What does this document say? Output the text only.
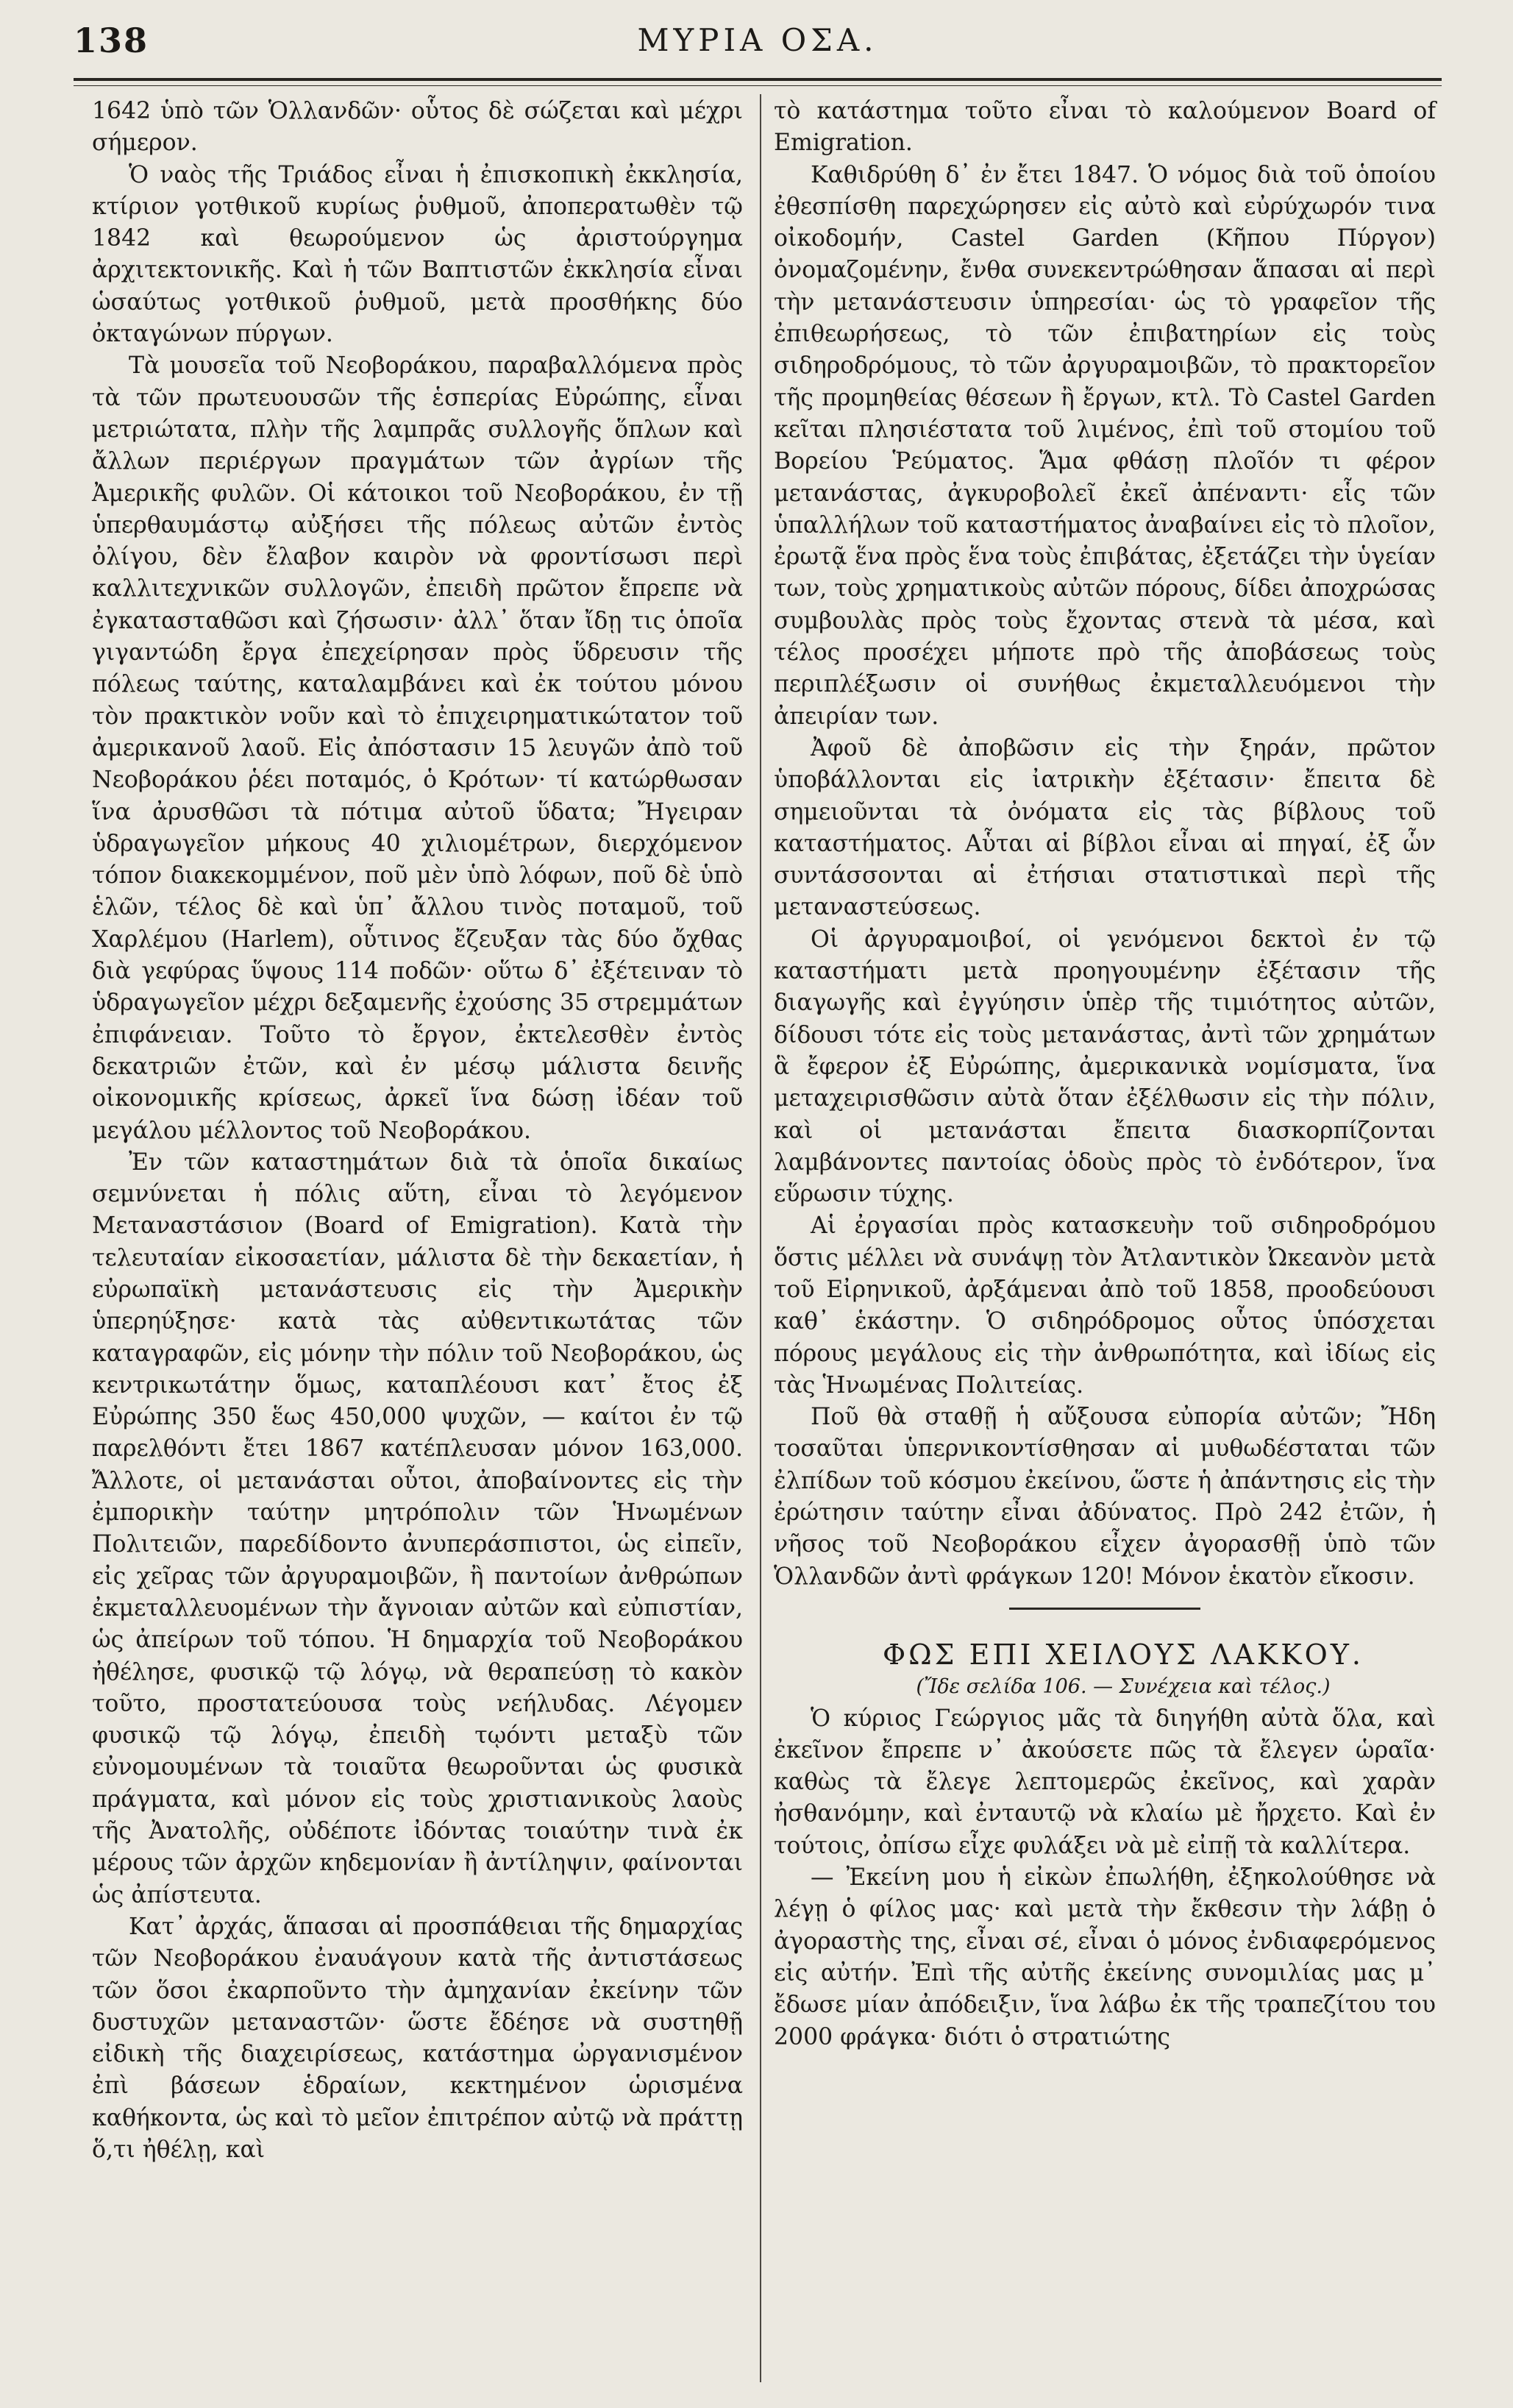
138	ΜΥΡΙΑ ΟΣΑ.

1642 ὑπὸ τῶν Ὁλλανδῶν· οὗτος δὲ σώζεται καὶ μέχρι σήμερον.

Ὁ ναὸς τῆς Τριάδος εἶναι ἡ ἐπισκοπικὴ ἐκκλησία, κτίριον γοτθικοῦ κυρίως ῥυθμοῦ, ἀποπερατωθὲν τῷ 1842 καὶ θεωρούμενον ὡς ἀριστούργημα ἀρχιτεκτονικῆς. Καὶ ἡ τῶν Βαπτιστῶν ἐκκλησία εἶναι ὡσαύτως γοτθικοῦ ῥυθμοῦ, μετὰ προσθήκης δύο ὀκταγώνων πύργων.

Τὰ μουσεῖα τοῦ Νεοβοράκου, παραβαλλόμενα πρὸς τὰ τῶν πρωτευουσῶν τῆς ἑσπερίας Εὐρώπης, εἶναι μετριώτατα, πλὴν τῆς λαμπρᾶς συλλογῆς ὅπλων καὶ ἄλλων περιέργων πραγμάτων τῶν ἀγρίων τῆς Ἀμερικῆς φυλῶν. Οἱ κάτοικοι τοῦ Νεοβοράκου, ἐν τῇ ὑπερθαυμάστῳ αὐξήσει τῆς πόλεως αὐτῶν ἐντὸς ὀλίγου, δὲν ἔλαβον καιρὸν νὰ φροντίσωσι περὶ καλλιτεχνικῶν συλλογῶν, ἐπειδὴ πρῶτον ἔπρεπε νὰ ἐγκατασταθῶσι καὶ ζήσωσιν· ἀλλ᾽ ὅταν ἴδῃ τις ὁποῖα γιγαντώδη ἔργα ἐπεχείρησαν πρὸς ὕδρευσιν τῆς πόλεως ταύτης, καταλαμβάνει καὶ ἐκ τούτου μόνου τὸν πρακτικὸν νοῦν καὶ τὸ ἐπιχειρηματικώτατον τοῦ ἀμερικανοῦ λαοῦ. Εἰς ἀπόστασιν 15 λευγῶν ἀπὸ τοῦ Νεοβοράκου ῥέει ποταμός, ὁ Κρότων· τί κατώρθωσαν ἵνα ἀρυσθῶσι τὰ πότιμα αὐτοῦ ὕδατα; Ἤγειραν ὑδραγωγεῖον μήκους 40 χιλιομέτρων, διερχόμενον τόπον διακεκομμένον, ποῦ μὲν ὑπὸ λόφων, ποῦ δὲ ὑπὸ ἑλῶν, τέλος δὲ καὶ ὑπ᾽ ἄλλου τινὸς ποταμοῦ, τοῦ Χαρλέμου (Harlem), οὗτινος ἔζευξαν τὰς δύο ὄχθας διὰ γεφύρας ὕψους 114 ποδῶν· οὕτω δ᾽ ἐξέτειναν τὸ ὑδραγωγεῖον μέχρι δεξαμενῆς ἐχούσης 35 στρεμμάτων ἐπιφάνειαν. Τοῦτο τὸ ἔργον, ἐκτελεσθὲν ἐντὸς δεκατριῶν ἐτῶν, καὶ ἐν μέσῳ μάλιστα δεινῆς οἰκονομικῆς κρίσεως, ἀρκεῖ ἵνα δώσῃ ἰδέαν τοῦ μεγάλου μέλλοντος τοῦ Νεοβοράκου.

Ἐν τῶν καταστημάτων διὰ τὰ ὁποῖα δικαίως σεμνύνεται ἡ πόλις αὕτη, εἶναι τὸ λεγόμενον Μεταναστάσιον (Board of Emigration). Κατὰ τὴν τελευταίαν εἰκοσαετίαν, μάλιστα δὲ τὴν δεκαετίαν, ἡ εὐρωπαϊκὴ μετανάστευσις εἰς τὴν Ἀμερικὴν ὑπερηύξησε· κατὰ τὰς αὐθεντικωτάτας τῶν καταγραφῶν, εἰς μόνην τὴν πόλιν τοῦ Νεοβοράκου, ὡς κεντρικωτάτην ὅμως, καταπλέουσι κατ᾽ ἔτος ἐξ Εὐρώπης 350 ἕως 450,000 ψυχῶν, — καίτοι ἐν τῷ παρελθόντι ἔτει 1867 κατέπλευσαν μόνον 163,000. Ἄλλοτε, οἱ μετανάσται οὗτοι, ἀποβαίνοντες εἰς τὴν ἐμπορικὴν ταύτην μητρόπολιν τῶν Ἡνωμένων Πολιτειῶν, παρεδίδοντο ἀνυπεράσπιστοι, ὡς εἰπεῖν, εἰς χεῖρας τῶν ἀργυραμοιβῶν, ἢ παντοίων ἀνθρώπων ἐκμεταλλευομένων τὴν ἄγνοιαν αὐτῶν καὶ εὐπιστίαν, ὡς ἀπείρων τοῦ τόπου. Ἡ δημαρχία τοῦ Νεοβοράκου ἠθέλησε, φυσικῷ τῷ λόγῳ, νὰ θεραπεύσῃ τὸ κακὸν τοῦτο, προστατεύουσα τοὺς νεήλυδας. Λέγομεν φυσικῷ τῷ λόγῳ, ἐπειδὴ τῳόντι μεταξὺ τῶν εὐνομουμένων τὰ τοιαῦτα θεωροῦνται ὡς φυσικὰ πράγματα, καὶ μόνον εἰς τοὺς χριστιανικοὺς λαοὺς τῆς Ἀνατολῆς, οὐδέποτε ἰδόντας τοιαύτην τινὰ ἐκ μέρους τῶν ἀρχῶν κηδεμονίαν ἢ ἀντίληψιν, φαίνονται ὡς ἀπίστευτα.

Κατ᾽ ἀρχάς, ἅπασαι αἱ προσπάθειαι τῆς δημαρχίας τῶν Νεοβοράκου ἐναυάγουν κατὰ τῆς ἀντιστάσεως τῶν ὅσοι ἐκαρποῦντο τὴν ἀμηχανίαν ἐκείνην τῶν δυστυχῶν μεταναστῶν· ὥστε ἔδέησε νὰ συστηθῇ εἰδικὴ τῆς διαχειρίσεως, κατάστημα ὠργανισμένον ἐπὶ βάσεων ἑδραίων, κεκτημένον ὡρισμένα καθήκοντα, ὡς καὶ τὸ μεῖον ἐπιτρέπον αὐτῷ νὰ πράττῃ ὅ,τι ἠθέλῃ, καὶ

τὸ κατάστημα τοῦτο εἶναι τὸ καλούμενον Board of Emigration.

Καθιδρύθη δ᾽ ἐν ἔτει 1847. Ὁ νόμος διὰ τοῦ ὁποίου ἐθεσπίσθη παρεχώρησεν εἰς αὐτὸ καὶ εὐρύχωρόν τινα οἰκοδομήν, Castel Garden (Κῆπου Πύργον) ὀνομαζομένην, ἔνθα συνεκεντρώθησαν ἅπασαι αἱ περὶ τὴν μετανάστευσιν ὑπηρεσίαι· ὡς τὸ γραφεῖον τῆς ἐπιθεωρήσεως, τὸ τῶν ἐπιβατηρίων εἰς τοὺς σιδηροδρόμους, τὸ τῶν ἀργυραμοιβῶν, τὸ πρακτορεῖον τῆς προμηθείας θέσεων ἢ ἔργων, κτλ. Τὸ Castel Garden κεῖται πλησιέστατα τοῦ λιμένος, ἐπὶ τοῦ στομίου τοῦ Βορείου Ῥεύματος. Ἅμα φθάσῃ πλοῖόν τι φέρον μετανάστας, ἀγκυροβολεῖ ἐκεῖ ἀπέναντι· εἷς τῶν ὑπαλλήλων τοῦ καταστήματος ἀναβαίνει εἰς τὸ πλοῖον, ἐρωτᾷ ἕνα πρὸς ἕνα τοὺς ἐπιβάτας, ἐξετάζει τὴν ὑγείαν των, τοὺς χρηματικοὺς αὐτῶν πόρους, δίδει ἀποχρώσας συμβουλὰς πρὸς τοὺς ἔχοντας στενὰ τὰ μέσα, καὶ τέλος προσέχει μήποτε πρὸ τῆς ἀποβάσεως τοὺς περιπλέξωσιν οἱ συνήθως ἐκμεταλλευόμενοι τὴν ἀπειρίαν των.

Ἀφοῦ δὲ ἀποβῶσιν εἰς τὴν ξηράν, πρῶτον ὑποβάλλονται εἰς ἰατρικὴν ἐξέτασιν· ἔπειτα δὲ σημειοῦνται τὰ ὀνόματα εἰς τὰς βίβλους τοῦ καταστήματος. Αὗται αἱ βίβλοι εἶναι αἱ πηγαί, ἐξ ὧν συντάσσονται αἱ ἐτήσιαι στατιστικαὶ περὶ τῆς μεταναστεύσεως.

Οἱ ἀργυραμοιβοί, οἱ γενόμενοι δεκτοὶ ἐν τῷ καταστήματι μετὰ προηγουμένην ἐξέτασιν τῆς διαγωγῆς καὶ ἐγγύησιν ὑπὲρ τῆς τιμιότητος αὐτῶν, δίδουσι τότε εἰς τοὺς μετανάστας, ἀντὶ τῶν χρημάτων ἃ ἔφερον ἐξ Εὐρώπης, ἀμερικανικὰ νομίσματα, ἵνα μεταχειρισθῶσιν αὐτὰ ὅταν ἐξέλθωσιν εἰς τὴν πόλιν, καὶ οἱ μετανάσται ἔπειτα διασκορπίζονται λαμβάνοντες παντοίας ὁδοὺς πρὸς τὸ ἐνδότερον, ἵνα εὕρωσιν τύχης.

Αἱ ἐργασίαι πρὸς κατασκευὴν τοῦ σιδηροδρόμου ὅστις μέλλει νὰ συνάψῃ τὸν Ἀτλαντικὸν Ὠκεανὸν μετὰ τοῦ Εἰρηνικοῦ, ἀρξάμεναι ἀπὸ τοῦ 1858, προοδεύουσι καθ᾽ ἑκάστην. Ὁ σιδηρόδρομος οὗτος ὑπόσχεται πόρους μεγάλους εἰς τὴν ἀνθρωπότητα, καὶ ἰδίως εἰς τὰς Ἡνωμένας Πολιτείας.

Ποῦ θὰ σταθῇ ἡ αὔξουσα εὐπορία αὐτῶν; Ἤδη τοσαῦται ὑπερνικοντίσθησαν αἱ μυθωδέσταται τῶν ἐλπίδων τοῦ κόσμου ἐκείνου, ὥστε ἡ ἀπάντησις εἰς τὴν ἐρώτησιν ταύτην εἶναι ἀδύνατος. Πρὸ 242 ἐτῶν, ἡ νῆσος τοῦ Νεοβοράκου εἶχεν ἀγορασθῇ ὑπὸ τῶν Ὁλλανδῶν ἀντὶ φράγκων 120! Μόνον ἑκατὸν εἴκοσιν.

ΦΩΣ ΕΠΙ ΧΕΙΛΟΥΣ ΛΑΚΚΟΥ.

(Ἴδε σελίδα 106. — Συνέχεια καὶ τέλος.)

Ὁ κύριος Γεώργιος μᾶς τὰ διηγήθη αὐτὰ ὅλα, καὶ ἐκεῖνον ἔπρεπε ν᾽ ἀκούσετε πῶς τὰ ἔλεγεν ὡραῖα· καθὼς τὰ ἔλεγε λεπτομερῶς ἐκεῖνος, καὶ χαρὰν ἠσθανόμην, καὶ ἐνταυτῷ νὰ κλαίω μὲ ἤρχετο. Καὶ ἐν τούτοις, ὀπίσω εἶχε φυλάξει νὰ μὲ εἰπῇ τὰ καλλίτερα.

— Ἐκείνη μου ἡ εἰκὼν ἐπωλήθη, ἐξηκολούθησε νὰ λέγῃ ὁ φίλος μας· καὶ μετὰ τὴν ἔκθεσιν τὴν λάβῃ ὁ ἀγοραστὴς της, εἶναι σέ, εἶναι ὁ μόνος ἐνδιαφερόμενος εἰς αὐτήν. Ἐπὶ τῆς αὐτῆς ἐκείνης συνομιλίας μας μ᾽ ἔδωσε μίαν ἀπόδειξιν, ἵνα λάβω ἐκ τῆς τραπεζίτου του 2000 φράγκα· διότι ὁ στρατιώτης
